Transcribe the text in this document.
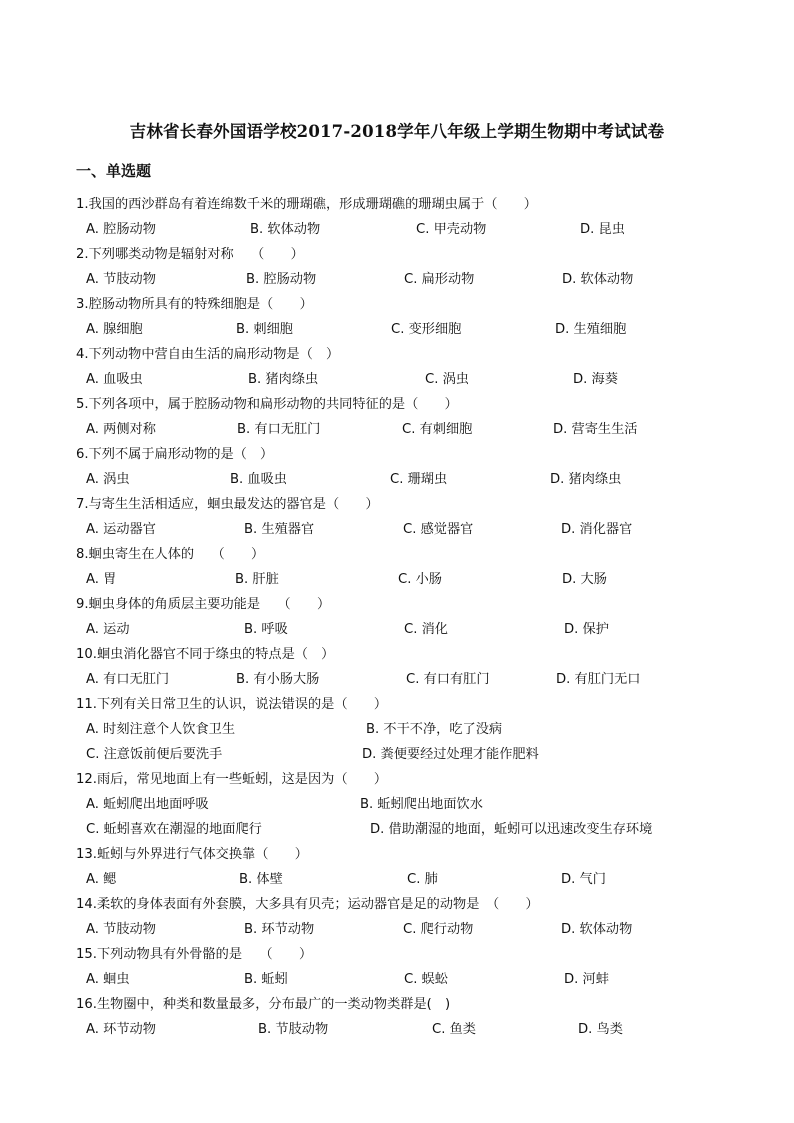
吉林省长春外国语学校2017-2018学年八年级上学期生物期中考试试卷
一、单选题
1.我国的西沙群岛有着连绵数千米的珊瑚礁，形成珊瑚礁的珊瑚虫属于（　　）
A. 腔肠动物	B. 软体动物	C. 甲壳动物	D. 昆虫
2.下列哪类动物是辐射对称　 （　　）
A. 节肢动物	B. 腔肠动物	C. 扁形动物	D. 软体动物
3.腔肠动物所具有的特殊细胞是（　　）
A. 腺细胞	B. 刺细胞	C. 变形细胞	D. 生殖细胞
4.下列动物中营自由生活的扁形动物是（　）
A. 血吸虫	B. 猪肉绦虫	C. 涡虫	D. 海葵
5.下列各项中，属于腔肠动物和扁形动物的共同特征的是（　　）
A. 两侧对称	B. 有口无肛门	C. 有刺细胞	D. 营寄生生活
6.下列不属于扁形动物的是（　）
A. 涡虫	B. 血吸虫	C. 珊瑚虫	D. 猪肉绦虫
7.与寄生生活相适应，蛔虫最发达的器官是（　　）
A. 运动器官	B. 生殖器官	C. 感觉器官	D. 消化器官
8.蛔虫寄生在人体的　 （　　）
A. 胃	B. 肝脏	C. 小肠	D. 大肠
9.蛔虫身体的角质层主要功能是　 （　　）
A. 运动	B. 呼吸	C. 消化	D. 保护
10.蛔虫消化器官不同于绦虫的特点是（　）
A. 有口无肛门	B. 有小肠大肠	C. 有口有肛门	D. 有肛门无口
11.下列有关日常卫生的认识，说法错误的是（　　）
A. 时刻注意个人饮食卫生	B. 不干不净，吃了没病
C. 注意饭前便后要洗手	D. 粪便要经过处理才能作肥料
12.雨后，常见地面上有一些蚯蚓，这是因为（　　）
A. 蚯蚓爬出地面呼吸	B. 蚯蚓爬出地面饮水
C. 蚯蚓喜欢在潮湿的地面爬行	D. 借助潮湿的地面，蚯蚓可以迅速改变生存环境
13.蚯蚓与外界进行气体交换靠（　　）
A. 鳃	B. 体壁	C. 肺	D. 气门
14.柔软的身体表面有外套膜，大多具有贝壳；运动器官是足的动物是　（　　）
A. 节肢动物	B. 环节动物	C. 爬行动物	D. 软体动物
15.下列动物具有外骨骼的是　 （　　）
A. 蛔虫	B. 蚯蚓	C. 蜈蚣	D. 河蚌
16.生物圈中，种类和数量最多，分布最广的一类动物类群是(　)
A. 环节动物	B. 节肢动物	C. 鱼类	D. 鸟类
